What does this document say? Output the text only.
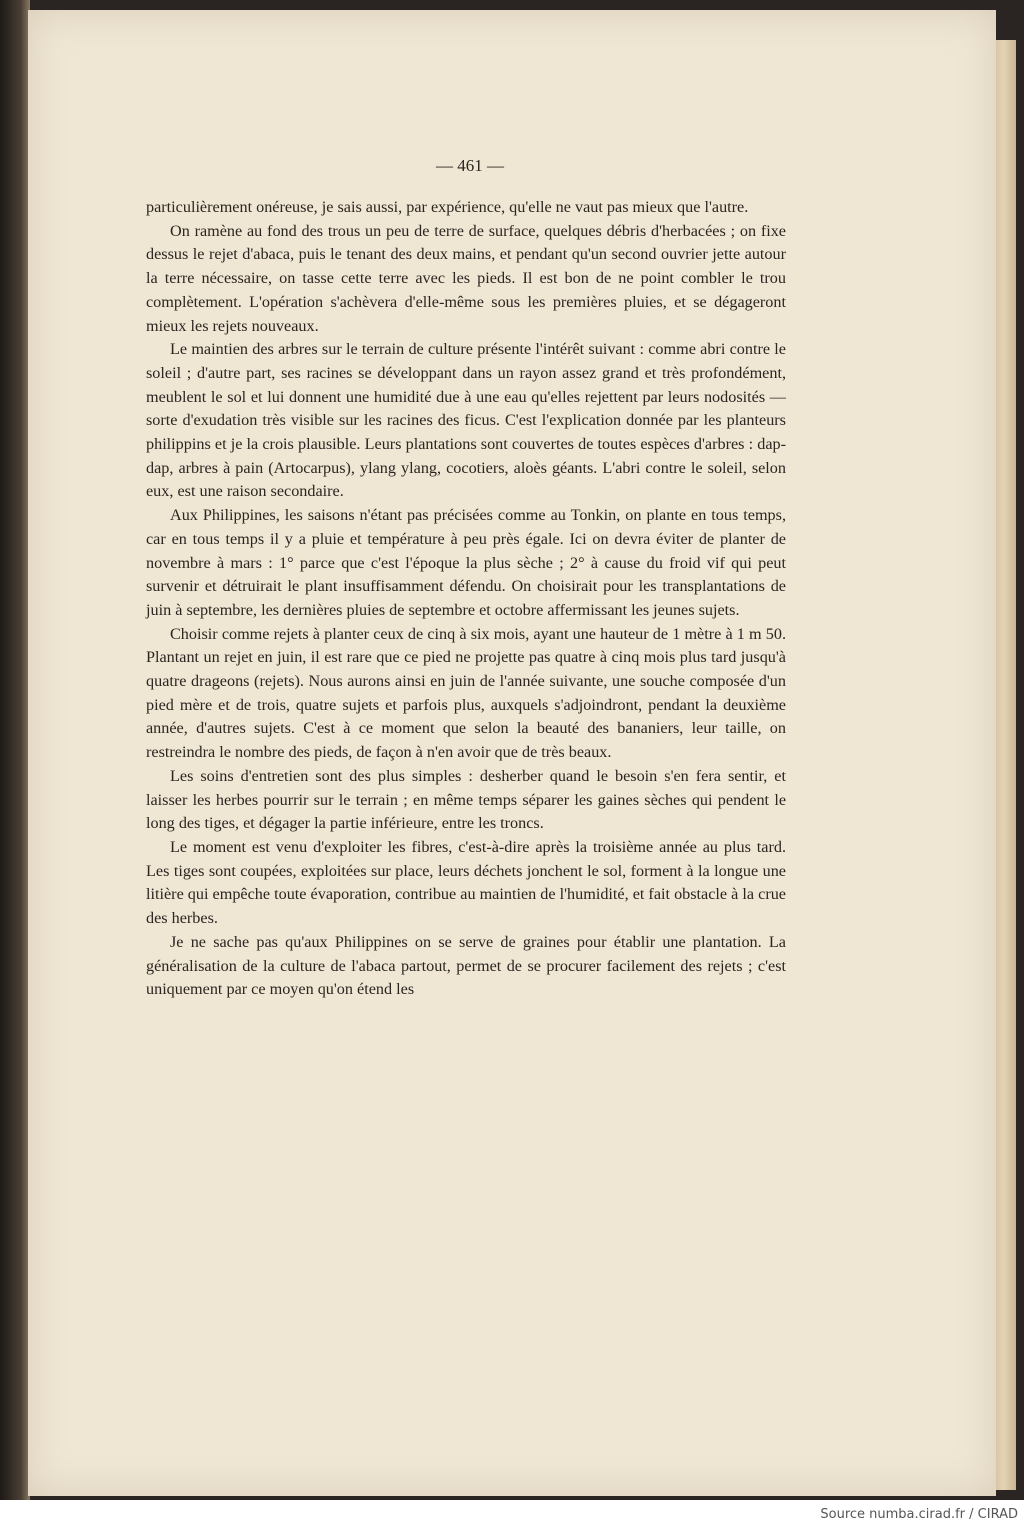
— 461 —

particulièrement onéreuse, je sais aussi, par expérience, qu'elle ne vaut pas mieux que l'autre.

On ramène au fond des trous un peu de terre de surface, quelques débris d'herbacées ; on fixe dessus le rejet d'abaca, puis le tenant des deux mains, et pendant qu'un second ouvrier jette autour la terre nécessaire, on tasse cette terre avec les pieds. Il est bon de ne point combler le trou complètement. L'opération s'achèvera d'elle-même sous les premières pluies, et se dégageront mieux les rejets nouveaux.

Le maintien des arbres sur le terrain de culture présente l'intérêt suivant : comme abri contre le soleil ; d'autre part, ses racines se développant dans un rayon assez grand et très profondément, meublent le sol et lui donnent une humidité due à une eau qu'elles rejettent par leurs nodosités — sorte d'exudation très visible sur les racines des ficus. C'est l'explication donnée par les planteurs philippins et je la crois plausible. Leurs plantations sont couvertes de toutes espèces d'arbres : dap-dap, arbres à pain (Artocarpus), ylang ylang, cocotiers, aloès géants. L'abri contre le soleil, selon eux, est une raison secondaire.

Aux Philippines, les saisons n'étant pas précisées comme au Tonkin, on plante en tous temps, car en tous temps il y a pluie et température à peu près égale. Ici on devra éviter de planter de novembre à mars : 1° parce que c'est l'époque la plus sèche ; 2° à cause du froid vif qui peut survenir et détruirait le plant insuffisamment défendu. On choisirait pour les transplantations de juin à septembre, les dernières pluies de septembre et octobre affermissant les jeunes sujets.

Choisir comme rejets à planter ceux de cinq à six mois, ayant une hauteur de 1 mètre à 1 m 50. Plantant un rejet en juin, il est rare que ce pied ne projette pas quatre à cinq mois plus tard jusqu'à quatre drageons (rejets). Nous aurons ainsi en juin de l'année suivante, une souche composée d'un pied mère et de trois, quatre sujets et parfois plus, auxquels s'adjoindront, pendant la deuxième année, d'autres sujets. C'est à ce moment que selon la beauté des bananiers, leur taille, on restreindra le nombre des pieds, de façon à n'en avoir que de très beaux.

Les soins d'entretien sont des plus simples : desherber quand le besoin s'en fera sentir, et laisser les herbes pourrir sur le terrain ; en même temps séparer les gaines sèches qui pendent le long des tiges, et dégager la partie inférieure, entre les troncs.

Le moment est venu d'exploiter les fibres, c'est-à-dire après la troisième année au plus tard. Les tiges sont coupées, exploitées sur place, leurs déchets jonchent le sol, forment à la longue une litière qui empêche toute évaporation, contribue au maintien de l'humidité, et fait obstacle à la crue des herbes.

Je ne sache pas qu'aux Philippines on se serve de graines pour établir une plantation. La généralisation de la culture de l'abaca partout, permet de se procurer facilement des rejets ; c'est uniquement par ce moyen qu'on étend les

Source numba.cirad.fr / CIRAD
